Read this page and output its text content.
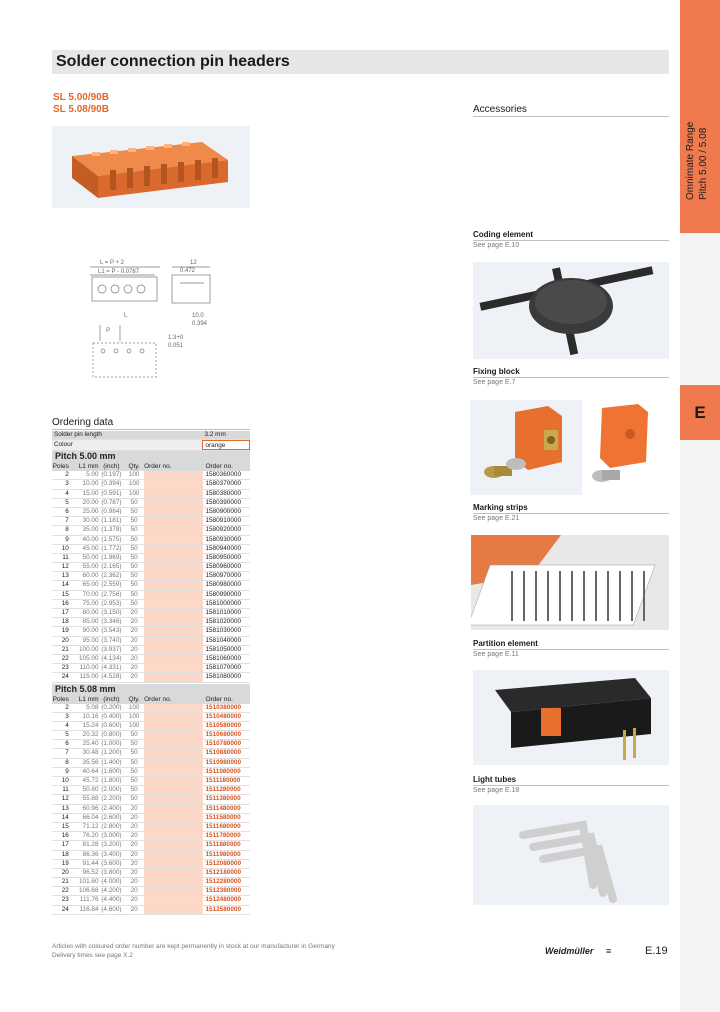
Omnimate Range Pitch 5.00 / 5.08
E
Solder connection pin headers
SL 5.00/90B
SL 5.08/90B
L = P + 2
L1 = P - 0.0787
12
0.472
10.0
0.394
1.3+0
0.051
P
L
Accessories
Coding element
See page E.10
Fixing block
See page E.7
Marking strips
See page E.21
Partition element
See page E.11
Light tubes
See page E.18
Ordering data
Solder pin length	3.2 mm
Colour	orange
Pitch 5.00 mm
Poles	L1 mm (inch)	Qty. Order no.	Order no.
2	5.00 (0.197)	100	1580360000
3	10.00 (0.394)	100	1580370000
4	15.00 (0.591)	100	1580380000
5	20.00 (0.787)	50	1580390000
6	25.00 (0.984)	50	1580900000
7	30.00 (1.181)	50	1580910000
8	35.00 (1.378)	50	1580920000
9	40.00 (1.575)	50	1580930000
10	45.00 (1.772)	50	1580940000
11	50.00 (1.969)	50	1580950000
12	55.00 (2.165)	50	1580960000
13	60.00 (2.362)	50	1580970000
14	65.00 (2.559)	50	1580980000
15	70.00 (2.756)	50	1580990000
16	75.00 (2.953)	50	1581000000
17	80.00 (3.150)	20	1581010000
18	85.00 (3.346)	20	1581020000
19	90.00 (3.543)	20	1581030000
20	95.00 (3.740)	20	1581040000
21	100.00 (3.937)	20	1581050000
22	105.00 (4.134)	20	1581060000
23	110.00 (4.331)	20	1581070000
24	115.00 (4.528)	20	1581080000
Pitch 5.08 mm
Poles	L1 mm (inch)	Qty. Order no.	Order no.
2	5.08 (0.200)	100	1510380000
3	10.16 (0.400)	100	1510480000
4	15.24 (0.600)	100	1510580000
5	20.32 (0.800)	50	1510680000
6	25.40 (1.000)	50	1510780000
7	30.48 (1.200)	50	1510880000
8	35.56 (1.400)	50	1510980000
9	40.64 (1.600)	50	1511080000
10	45.72 (1.800)	50	1511180000
11	50.80 (2.000)	50	1511280000
12	55.88 (2.200)	50	1511380000
13	60.96 (2.400)	20	1511480000
14	66.04 (2.600)	20	1511580000
15	71.12 (2.800)	20	1511680000
16	76.20 (3.000)	20	1511780000
17	81.28 (3.200)	20	1511880000
18	86.36 (3.400)	20	1511980000
19	91.44 (3.600)	20	1512080000
20	96.52 (3.800)	20	1512180000
21	101.60 (4.000)	20	1512280000
22	106.68 (4.200)	20	1512380000
23	111.76 (4.400)	20	1512480000
24	116.84 (4.600)	20	1512580000
Articles with coloured order number are kept permanently in stock at our manufacturer in Germany
Delivery times see page X.2	Weidmüller ≡	E.19
